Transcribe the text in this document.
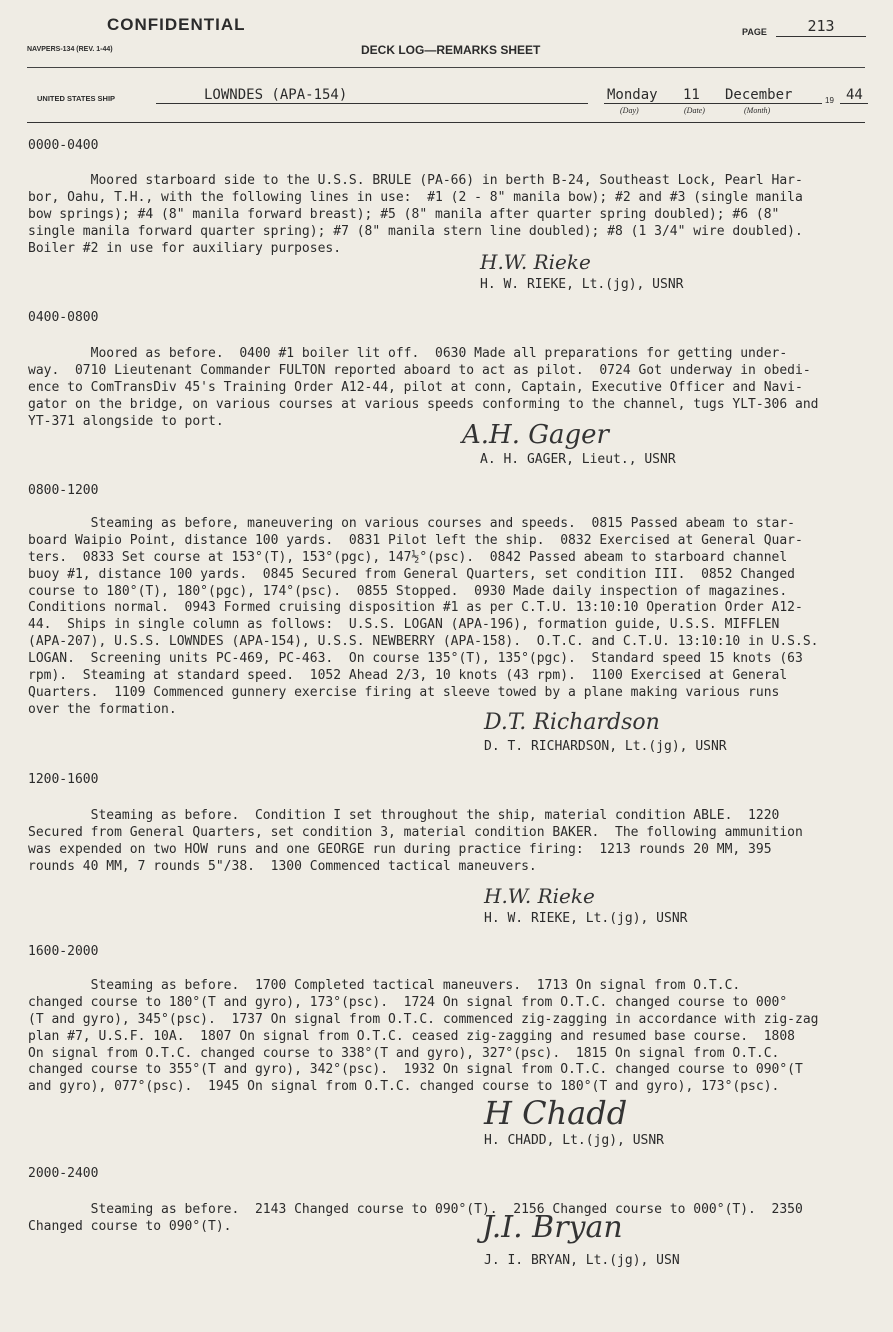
CONFIDENTIAL	PAGE	213
NAVPERS-134 (REV. 1-44)	DECK LOG—REMARKS SHEET
UNITED STATES SHIP	LOWNDES (APA-154)	Monday 11 December
(Day)	(Date)	(Month)
19 44
0000-0400

Moored starboard side to the U.S.S. BRULE (PA-66) in berth B-24, Southeast Lock, Pearl Har-
bor, Oahu, T.H., with the following lines in use:  #1 (2 - 8" manila bow); #2 and #3 (single manila
bow springs); #4 (8" manila forward breast); #5 (8" manila after quarter spring doubled); #6 (8"
single manila forward quarter spring); #7 (8" manila stern line doubled); #8 (1 3/4" wire doubled).
Boiler #2 in use for auxiliary purposes.

H.W. Rieke
H. W. RIEKE, Lt.(jg), USNR
0400-0800

Moored as before.  0400 #1 boiler lit off.  0630 Made all preparations for getting under-
way.  0710 Lieutenant Commander FULTON reported aboard to act as pilot.  0724 Got underway in obedi-
ence to ComTransDiv 45's Training Order A12-44, pilot at conn, Captain, Executive Officer and Navi-
gator on the bridge, on various courses at various speeds conforming to the channel, tugs YLT-306 and
YT-371 alongside to port.	A.H. Gager
A. H. GAGER, Lieut., USNR
0800-1200

Steaming as before, maneuvering on various courses and speeds.  0815 Passed abeam to star-
board Waipio Point, distance 100 yards.  0831 Pilot left the ship.  0832 Exercised at General Quar-
ters.  0833 Set course at 153°(T), 153°(pgc), 147½°(psc).  0842 Passed abeam to starboard channel
buoy #1, distance 100 yards.  0845 Secured from General Quarters, set condition III.  0852 Changed
course to 180°(T), 180°(pgc), 174°(psc).  0855 Stopped.  0930 Made daily inspection of magazines.
Conditions normal.  0943 Formed cruising disposition #1 as per C.T.U. 13:10:10 Operation Order A12-
44.  Ships in single column as follows:  U.S.S. LOGAN (APA-196), formation guide, U.S.S. MIFFLEN
(APA-207), U.S.S. LOWNDES (APA-154), U.S.S. NEWBERRY (APA-158).  O.T.C. and C.T.U. 13:10:10 in U.S.S.
LOGAN.  Screening units PC-469, PC-463.  On course 135°(T), 135°(pgc).  Standard speed 15 knots (63
rpm).  Steaming at standard speed.  1052 Ahead 2/3, 10 knots (43 rpm).  1100 Exercised at General
Quarters.  1109 Commenced gunnery exercise firing at sleeve towed by a plane making various runs
over the formation.

D.T. Richardson
D. T. RICHARDSON, Lt.(jg), USNR
1200-1600

Steaming as before.  Condition I set throughout the ship, material condition ABLE.  1220
Secured from General Quarters, set condition 3, material condition BAKER.  The following ammunition
was expended on two HOW runs and one GEORGE run during practice firing:  1213 rounds 20 MM, 395
rounds 40 MM, 7 rounds 5"/38.  1300 Commenced tactical maneuvers.

H.W. Rieke
H. W. RIEKE, Lt.(jg), USNR
1600-2000

Steaming as before.  1700 Completed tactical maneuvers.  1713 On signal from O.T.C.
changed course to 180°(T and gyro), 173°(psc).  1724 On signal from O.T.C. changed course to 000°
(T and gyro), 345°(psc).  1737 On signal from O.T.C. commenced zig-zagging in accordance with zig-zag
plan #7, U.S.F. 10A.  1807 On signal from O.T.C. ceased zig-zagging and resumed base course.  1808
On signal from O.T.C. changed course to 338°(T and gyro), 327°(psc).  1815 On signal from O.T.C.
changed course to 355°(T and gyro), 342°(psc).  1932 On signal from O.T.C. changed course to 090°(T
and gyro), 077°(psc).  1945 On signal from O.T.C. changed course to 180°(T and gyro), 173°(psc).

H Chadd
H. CHADD, Lt.(jg), USNR
2000-2400

Steaming as before.  2143 Changed course to 090°(T).  2156 Changed course to 000°(T).  2350
Changed course to 090°(T).	J.I. Bryan
J. I. BRYAN, Lt.(jg), USN
